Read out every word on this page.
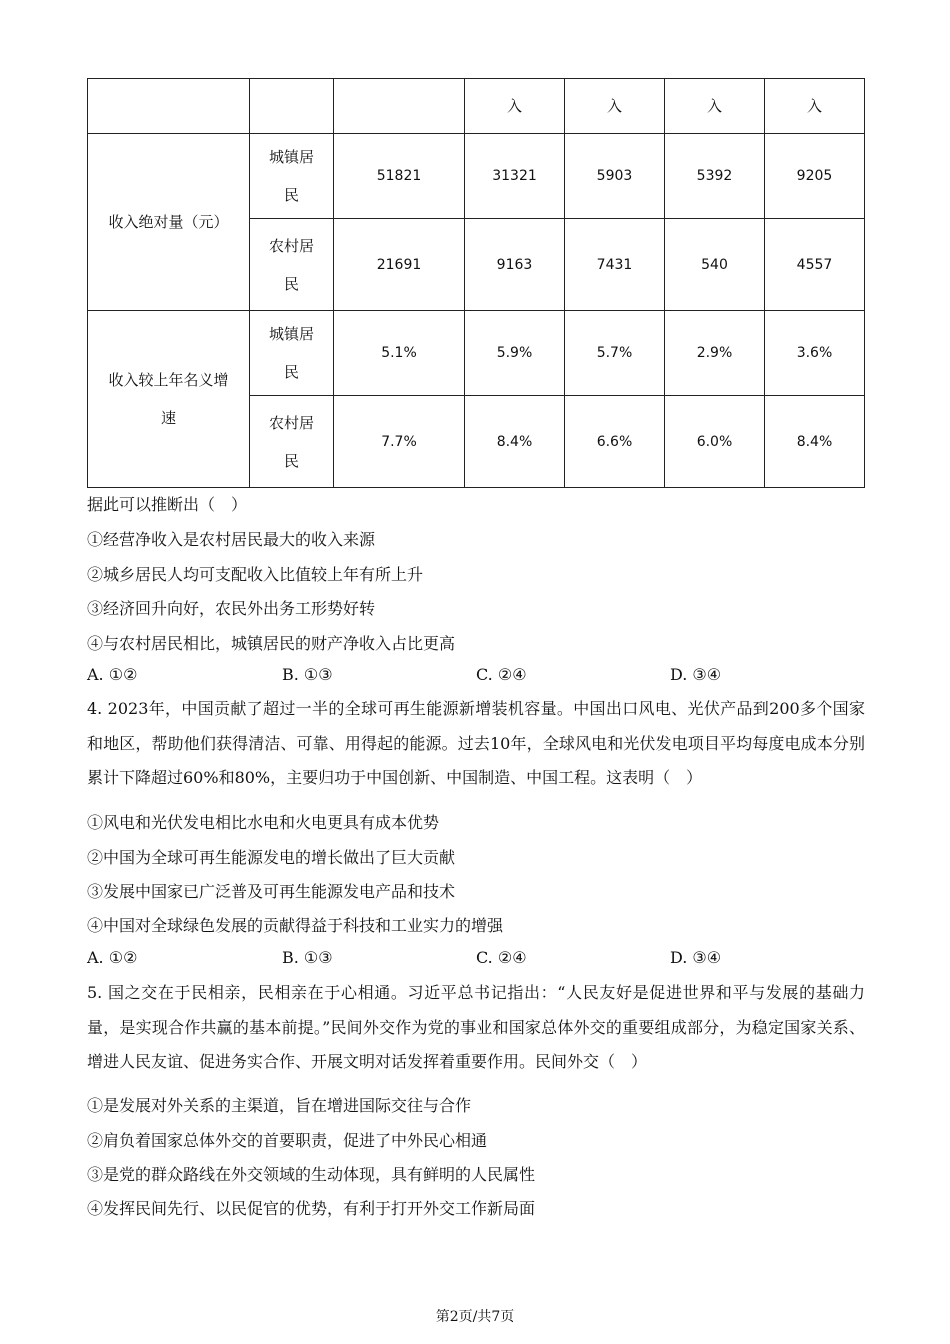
			入	入	入	入
收入绝对量（元）	城镇居民	51821	31321	5903	5392	9205

	农村居民	21691	9163	7431	540	4557

收入较上年名义增速	城镇居民	5.1%	5.9%	5.7%	2.9%	3.6%

	农村居民	7.7%	8.4%	6.6%	6.0%	8.4%
据此可以推断出（　）
①经营净收入是农村居民最大的收入来源
②城乡居民人均可支配收入比值较上年有所上升
③经济回升向好，农民外出务工形势好转
④与农村居民相比，城镇居民的财产净收入占比更高
A. ①②	B. ①③	C. ②④	D. ③④
4. 2023年，中国贡献了超过一半的全球可再生能源新增装机容量。中国出口风电、光伏产品到200多个国家和地区，帮助他们获得清洁、可靠、用得起的能源。过去10年，全球风电和光伏发电项目平均每度电成本分别累计下降超过60%和80%，主要归功于中国创新、中国制造、中国工程。这表明（　）
①风电和光伏发电相比水电和火电更具有成本优势
②中国为全球可再生能源发电的增长做出了巨大贡献
③发展中国家已广泛普及可再生能源发电产品和技术
④中国对全球绿色发展的贡献得益于科技和工业实力的增强
A. ①②	B. ①③	C. ②④	D. ③④
5. 国之交在于民相亲，民相亲在于心相通。习近平总书记指出：“人民友好是促进世界和平与发展的基础力量，是实现合作共赢的基本前提。”民间外交作为党的事业和国家总体外交的重要组成部分，为稳定国家关系、增进人民友谊、促进务实合作、开展文明对话发挥着重要作用。民间外交（　）
①是发展对外关系的主渠道，旨在增进国际交往与合作
②肩负着国家总体外交的首要职责，促进了中外民心相通
③是党的群众路线在外交领域的生动体现，具有鲜明的人民属性
④发挥民间先行、以民促官的优势，有利于打开外交工作新局面
第2页/共7页
